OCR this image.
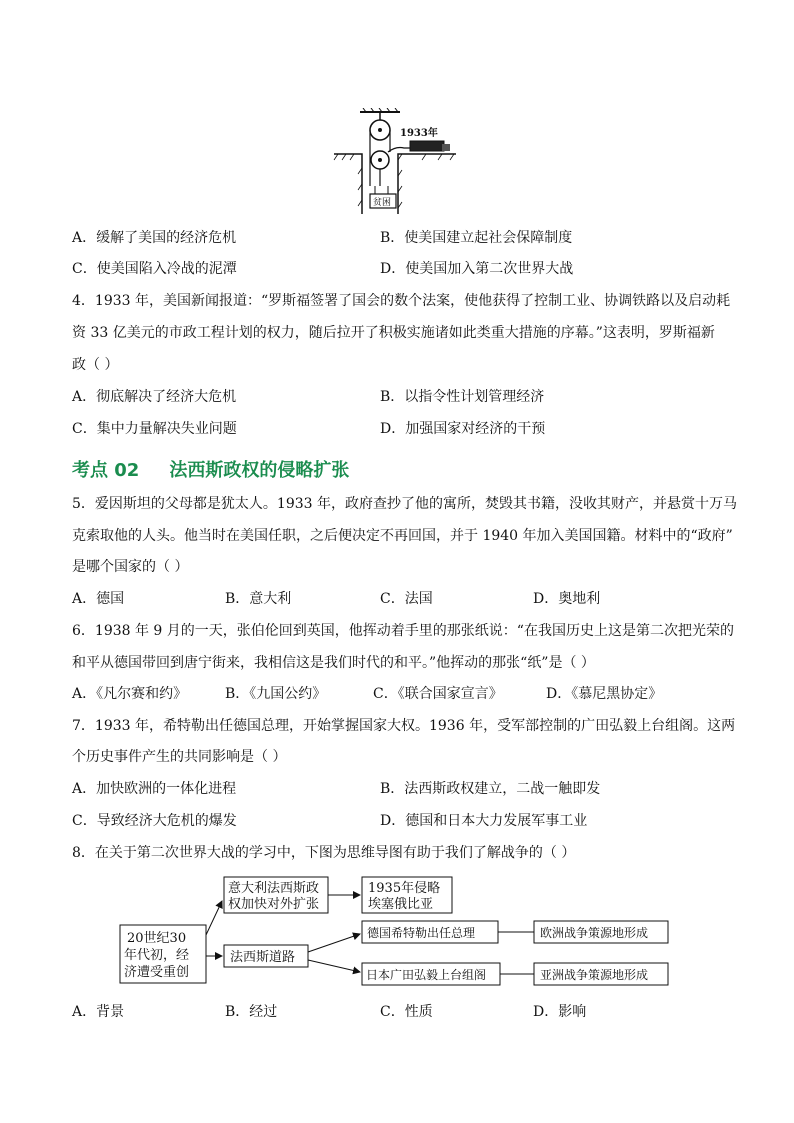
1933年
贫困
A．缓解了美国的经济危机	B．使美国建立起社会保障制度
C．使美国陷入冷战的泥潭	D．使美国加入第二次世界大战
4．1933 年，美国新闻报道：“罗斯福签署了国会的数个法案，使他获得了控制工业、协调铁路以及启动耗
资 33 亿美元的市政工程计划的权力，随后拉开了积极实施诸如此类重大措施的序幕。”这表明，罗斯福新
政（ ）
A．彻底解决了经济大危机	B．以指令性计划管理经济
C．集中力量解决失业问题	D．加强国家对经济的干预
考点 02 法西斯政权的侵略扩张
5．爱因斯坦的父母都是犹太人。1933 年，政府查抄了他的寓所，焚毁其书籍，没收其财产，并悬赏十万马
克索取他的人头。他当时在美国任职，之后便决定不再回国，并于 1940 年加入美国国籍。材料中的“政府”
是哪个国家的（ ）
A．德国	B．意大利	C．法国	D．奥地利
6．1938 年 9 月的一天，张伯伦回到英国，他挥动着手里的那张纸说：“在我国历史上这是第二次把光荣的
和平从德国带回到唐宁街来，我相信这是我们时代的和平。”他挥动的那张“纸”是（ ）
A．《凡尔赛和约》	B．《九国公约》	C．《联合国家宣言》	D．《慕尼黑协定》
7．1933 年，希特勒出任德国总理，开始掌握国家大权。1936 年，受军部控制的广田弘毅上台组阁。这两
个历史事件产生的共同影响是（ ）
A．加快欧洲的一体化进程	B．法西斯政权建立，二战一触即发
C．导致经济大危机的爆发	D．德国和日本大力发展军事工业
8．在关于第二次世界大战的学习中，下图为思维导图有助于我们了解战争的（ ）
20世纪30
年代初，经
济遭受重创
意大利法西斯政
权加快对外扩张
1935年侵略
埃塞俄比亚
法西斯道路
德国希特勒出任总理
日本广田弘毅上台组阁
欧洲战争策源地形成
亚洲战争策源地形成
A．背景	B．经过	C．性质	D．影响
